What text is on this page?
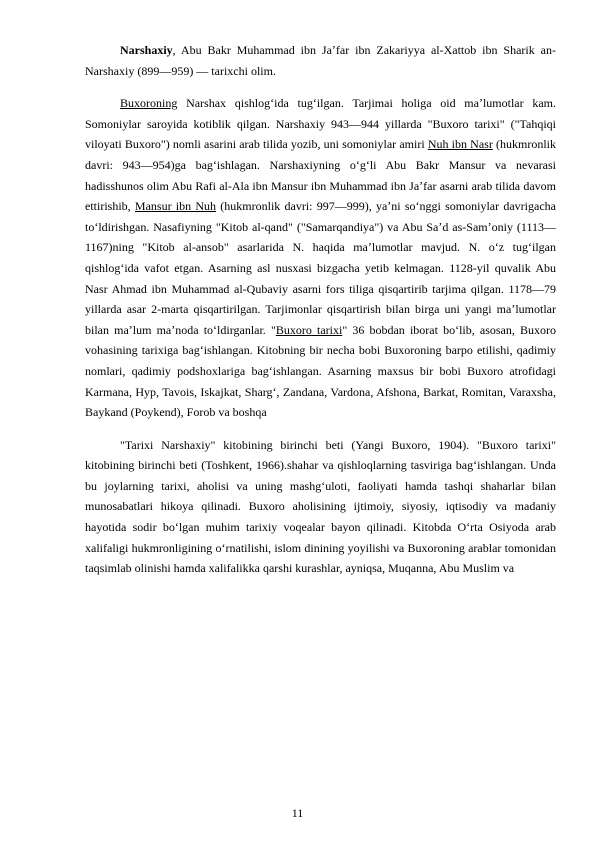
Narshaxiy, Abu Bakr Muhammad ibn Jaʼfar ibn Zakariyya al-Xattob ibn Sharik an-Narshaxiy (899—959) — tarixchi olim.

Buxoroning Narshax qishlogʻida tugʻilgan. Tarjimai holiga oid maʼlumotlar kam. Somoniylar saroyida kotiblik qilgan. Narshaxiy 943—944 yillarda "Buxoro tarixi" ("Tahqiqi viloyati Buxoro") nomli asarini arab tilida yozib, uni somoniylar amiri Nuh ibn Nasr (hukmronlik davri: 943—954)ga bagʻishlagan. Narshaxiyning oʻgʻli Abu Bakr Mansur va nevarasi hadisshunos olim Abu Rafi al-Ala ibn Mansur ibn Muhammad ibn Jaʼfar asarni arab tilida davom ettirishib, Mansur ibn Nuh (hukmronlik davri: 997—999), yaʼni soʻnggi somoniylar davrigacha toʻldirishgan. Nasafiyning "Kitob al-qand" ("Samarqandiya") va Abu Saʼd as-Samʼoniy (1113— 1167)ning "Kitob al-ansob" asarlarida N. haqida maʼlumotlar mavjud. N. oʻz tugʻilgan qishlogʻida vafot etgan. Asarning asl nusxasi bizgacha yetib kelmagan. 1128-yil quvalik Abu Nasr Ahmad ibn Muhammad al-Qubaviy asarni fors tiliga qisqartirib tarjima qilgan. 1178—79 yillarda asar 2-marta qisqartirilgan. Tarjimonlar qisqartirish bilan birga uni yangi maʼlumotlar bilan maʼlum maʼnoda toʻldirganlar. "Buxoro tarixi" 36 bobdan iborat boʻlib, asosan, Buxoro vohasining tarixiga bagʻishlangan. Kitobning bir necha bobi Buxoroning barpo etilishi, qadimiy nomlari, qadimiy podshoxlariga bagʻishlangan. Asarning maxsus bir bobi Buxoro atrofidagi Karmana, Hyp, Tavois, Iskajkat, Shargʻ, Zandana, Vardona, Afshona, Barkat, Romitan, Varaxsha, Baykand (Poykend), Forob va boshqa

"Tarixi Narshaxiy" kitobining birinchi beti (Yangi Buxoro, 1904). "Buxoro tarixi" kitobining birinchi beti (Toshkent, 1966).shahar va qishloqlarning tasviriga bagʻishlangan. Unda bu joylarning tarixi, aholisi va uning mashgʻuloti, faoliyati hamda tashqi shaharlar bilan munosabatlari hikoya qilinadi. Buxoro aholisining ijtimoiy, siyosiy, iqtisodiy va madaniy hayotida sodir boʻlgan muhim tarixiy voqealar bayon qilinadi. Kitobda Oʻrta Osiyoda arab xalifaligi hukmronligining oʻrnatilishi, islom dinining yoyilishi va Buxoroning arablar tomonidan taqsimlab olinishi hamda xalifalikka qarshi kurashlar, ayniqsa, Muqanna, Abu Muslim va

11
